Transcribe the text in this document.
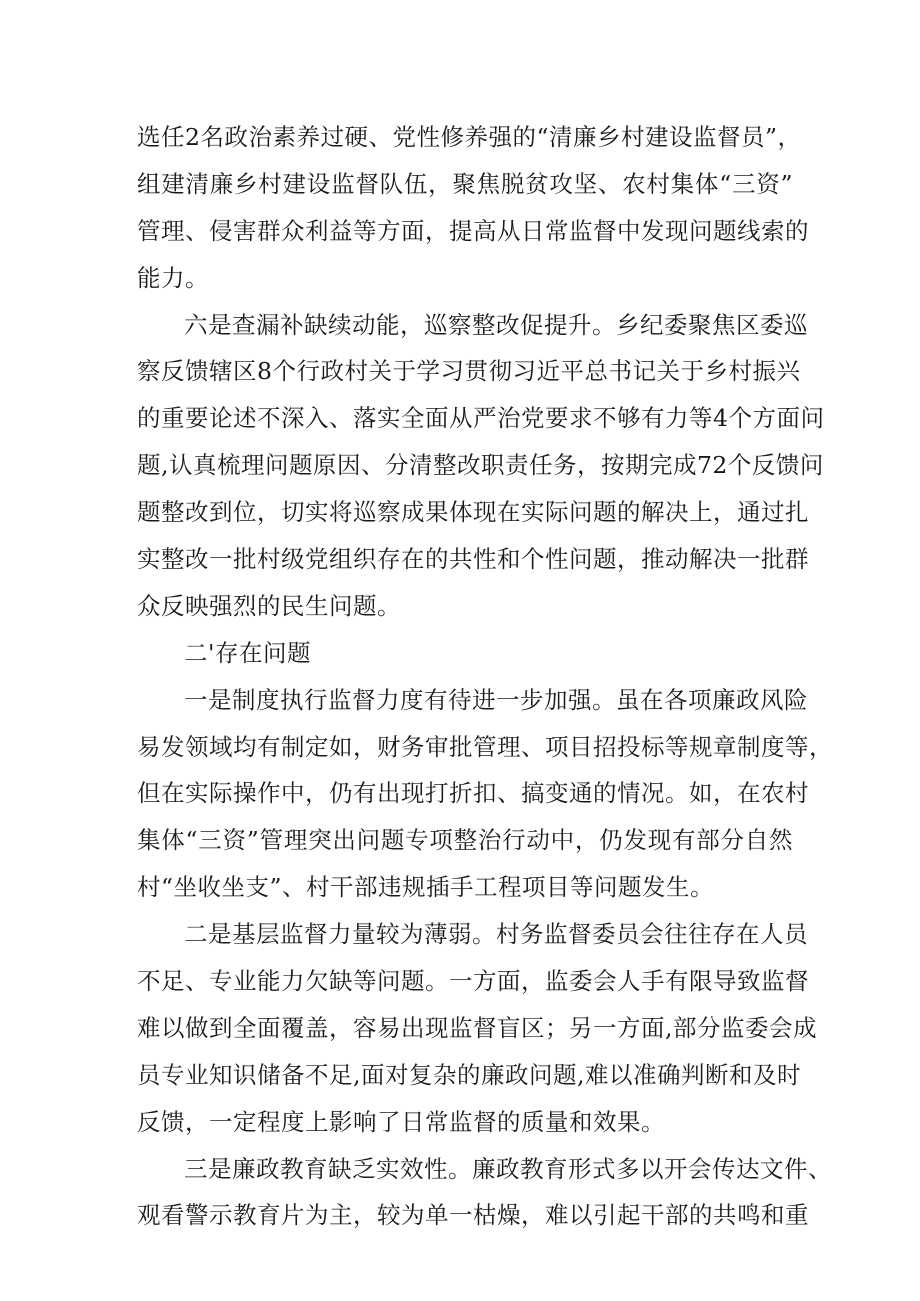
选任2名政治素养过硬、党性修养强的“清廉乡村建设监督员”，
组建清廉乡村建设监督队伍，聚焦脱贫攻坚、农村集体“三资”
管理、侵害群众利益等方面，提高从日常监督中发现问题线索的
能力。
六是查漏补缺续动能，巡察整改促提升。乡纪委聚焦区委巡
察反馈辖区8个行政村关于学习贯彻习近平总书记关于乡村振兴
的重要论述不深入、落实全面从严治党要求不够有力等4个方面问
题,认真梳理问题原因、分清整改职责任务，按期完成72个反馈问
题整改到位，切实将巡察成果体现在实际问题的解决上，通过扎
实整改一批村级党组织存在的共性和个性问题，推动解决一批群
众反映强烈的民生问题。
二'存在问题
一是制度执行监督力度有待进一步加强。虽在各项廉政风险
易发领域均有制定如，财务审批管理、项目招投标等规章制度等，
但在实际操作中，仍有出现打折扣、搞变通的情况。如，在农村
集体“三资”管理突出问题专项整治行动中，仍发现有部分自然
村“坐收坐支”、村干部违规插手工程项目等问题发生。
二是基层监督力量较为薄弱。村务监督委员会往往存在人员
不足、专业能力欠缺等问题。一方面，监委会人手有限导致监督
难以做到全面覆盖，容易出现监督盲区；另一方面,部分监委会成
员专业知识储备不足,面对复杂的廉政问题,难以准确判断和及时
反馈，一定程度上影响了日常监督的质量和效果。
三是廉政教育缺乏实效性。廉政教育形式多以开会传达文件、
观看警示教育片为主，较为单一枯燥，难以引起干部的共鸣和重
